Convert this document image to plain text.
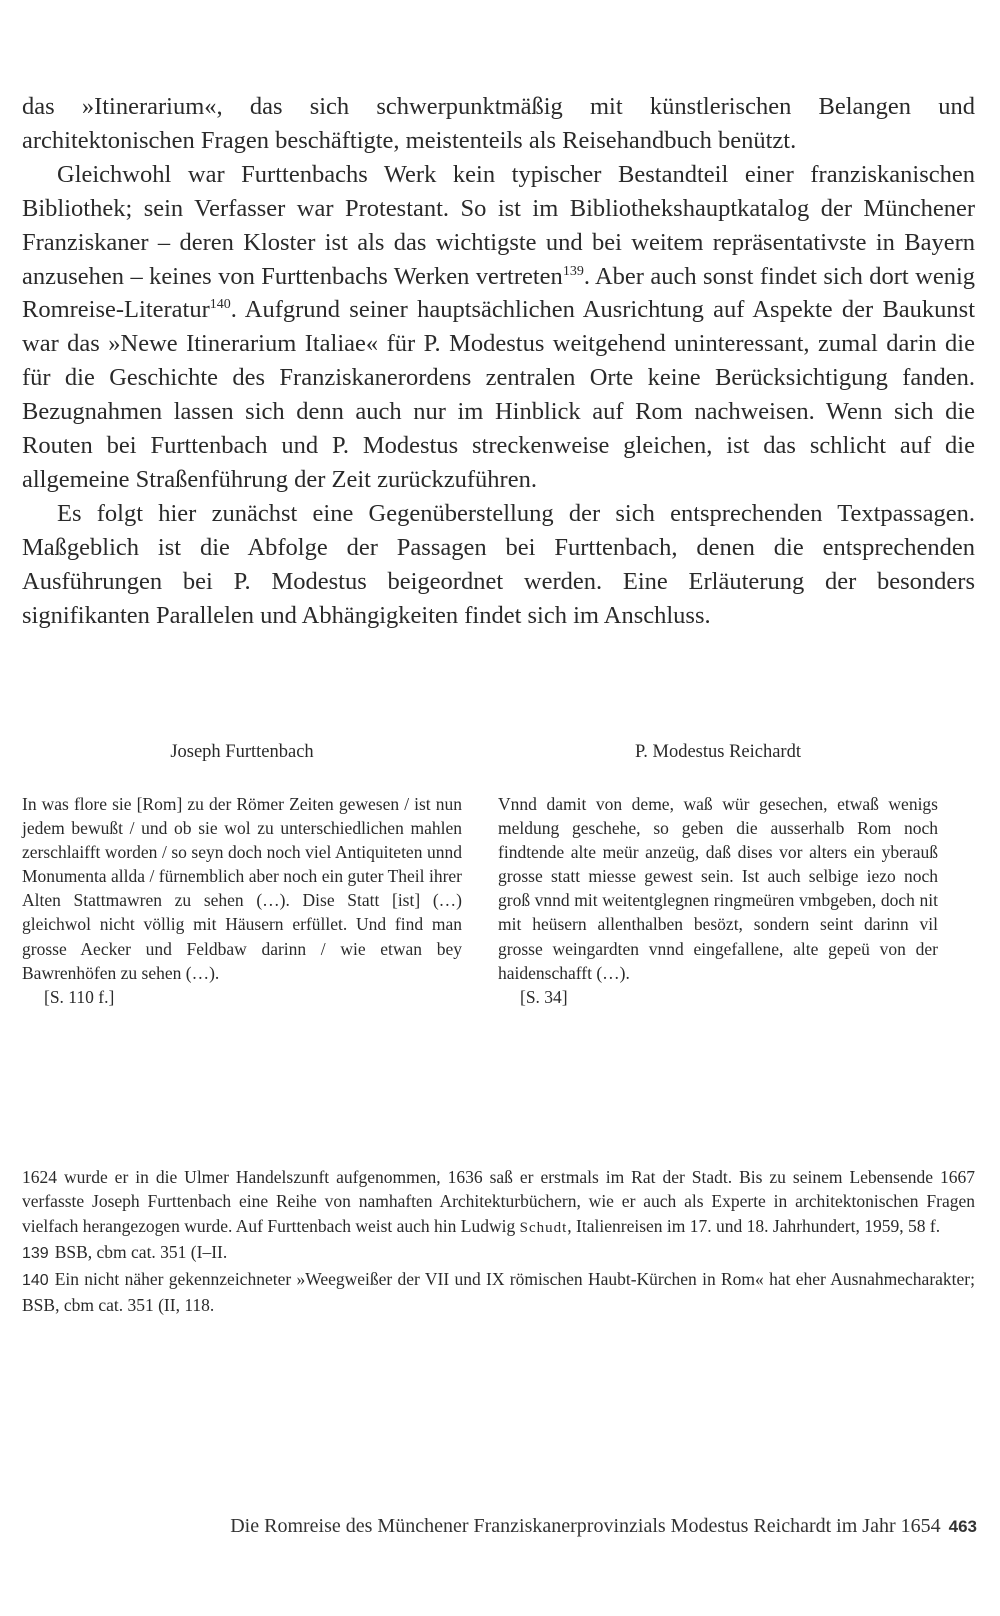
das »Itinerarium«, das sich schwerpunktmäßig mit künstlerischen Belangen und architektonischen Fragen beschäftigte, meistenteils als Reisehandbuch benützt.

Gleichwohl war Furttenbachs Werk kein typischer Bestandteil einer franziskanischen Bibliothek; sein Verfasser war Protestant. So ist im Bibliothekshauptkatalog der Münchener Franziskaner – deren Kloster ist als das wichtigste und bei weitem repräsentativste in Bayern anzusehen – keines von Furttenbachs Werken vertreten$^{139}$. Aber auch sonst findet sich dort wenig Romreise-Literatur$^{140}$. Aufgrund seiner hauptsächlichen Ausrichtung auf Aspekte der Baukunst war das »Newe Itinerarium Italiae« für P. Modestus weitgehend uninteressant, zumal darin die für die Geschichte des Franziskanerordens zentralen Orte keine Berücksichtigung fanden. Bezugnahmen lassen sich denn auch nur im Hinblick auf Rom nachweisen. Wenn sich die Routen bei Furttenbach und P. Modestus streckenweise gleichen, ist das schlicht auf die allgemeine Straßenführung der Zeit zurückzuführen.

Es folgt hier zunächst eine Gegenüberstellung der sich entsprechenden Textpassagen. Maßgeblich ist die Abfolge der Passagen bei Furttenbach, denen die entsprechenden Ausführungen bei P. Modestus beigeordnet werden. Eine Erläuterung der besonders signifikanten Parallelen und Abhängigkeiten findet sich im Anschluss.

Joseph Furttenbach

In was flore sie [Rom] zu der Römer Zeiten gewesen / ist nun jedem bewußt / und ob sie wol zu unterschiedlichen mahlen zerschlaifft worden / so seyn doch noch viel Antiquiteten unnd Monumenta allda / fürnemblich aber noch ein guter Theil ihrer Alten Stattmawren zu sehen (…). Dise Statt [ist] (…) gleichwol nicht völlig mit Häusern erfüllet. Und find man grosse Aecker und Feldbaw darinn / wie etwan bey Bawrenhöfen zu sehen (…).

[S. 110 f.]

P. Modestus Reichardt

Vnnd damit von deme, waß wür gesechen, etwaß wenigs meldung geschehe, so geben die ausserhalb Rom noch findtende alte meür anzeüg, daß dises vor alters ein yberauß grosse statt miesse gewest sein. Ist auch selbige iezo noch groß vnnd mit weitentglegnen ringmeüren vmbgeben, doch nit mit heüsern allenthalben besözt, sondern seint darinn vil grosse weingardten vnnd eingefallene, alte gepeü von der haidenschafft (…).

[S. 34]

1624 wurde er in die Ulmer Handelszunft aufgenommen, 1636 saß er erstmals im Rat der Stadt. Bis zu seinem Lebensende 1667 verfasste Joseph Furttenbach eine Reihe von namhaften Architekturbüchern, wie er auch als Experte in architektonischen Fragen vielfach herangezogen wurde. Auf Furttenbach weist auch hin Ludwig Schudt, Italienreisen im 17. und 18. Jahrhundert, 1959, 58 f.

139 BSB, cbm cat. 351 (I–II.

140 Ein nicht näher gekennzeichneter »Weegweißer der VII und IX römischen Haubt-Kürchen in Rom« hat eher Ausnahmecharakter; BSB, cbm cat. 351 (II, 118.

Die Romreise des Münchener Franziskanerprovinzials Modestus Reichardt im Jahr 1654 463
